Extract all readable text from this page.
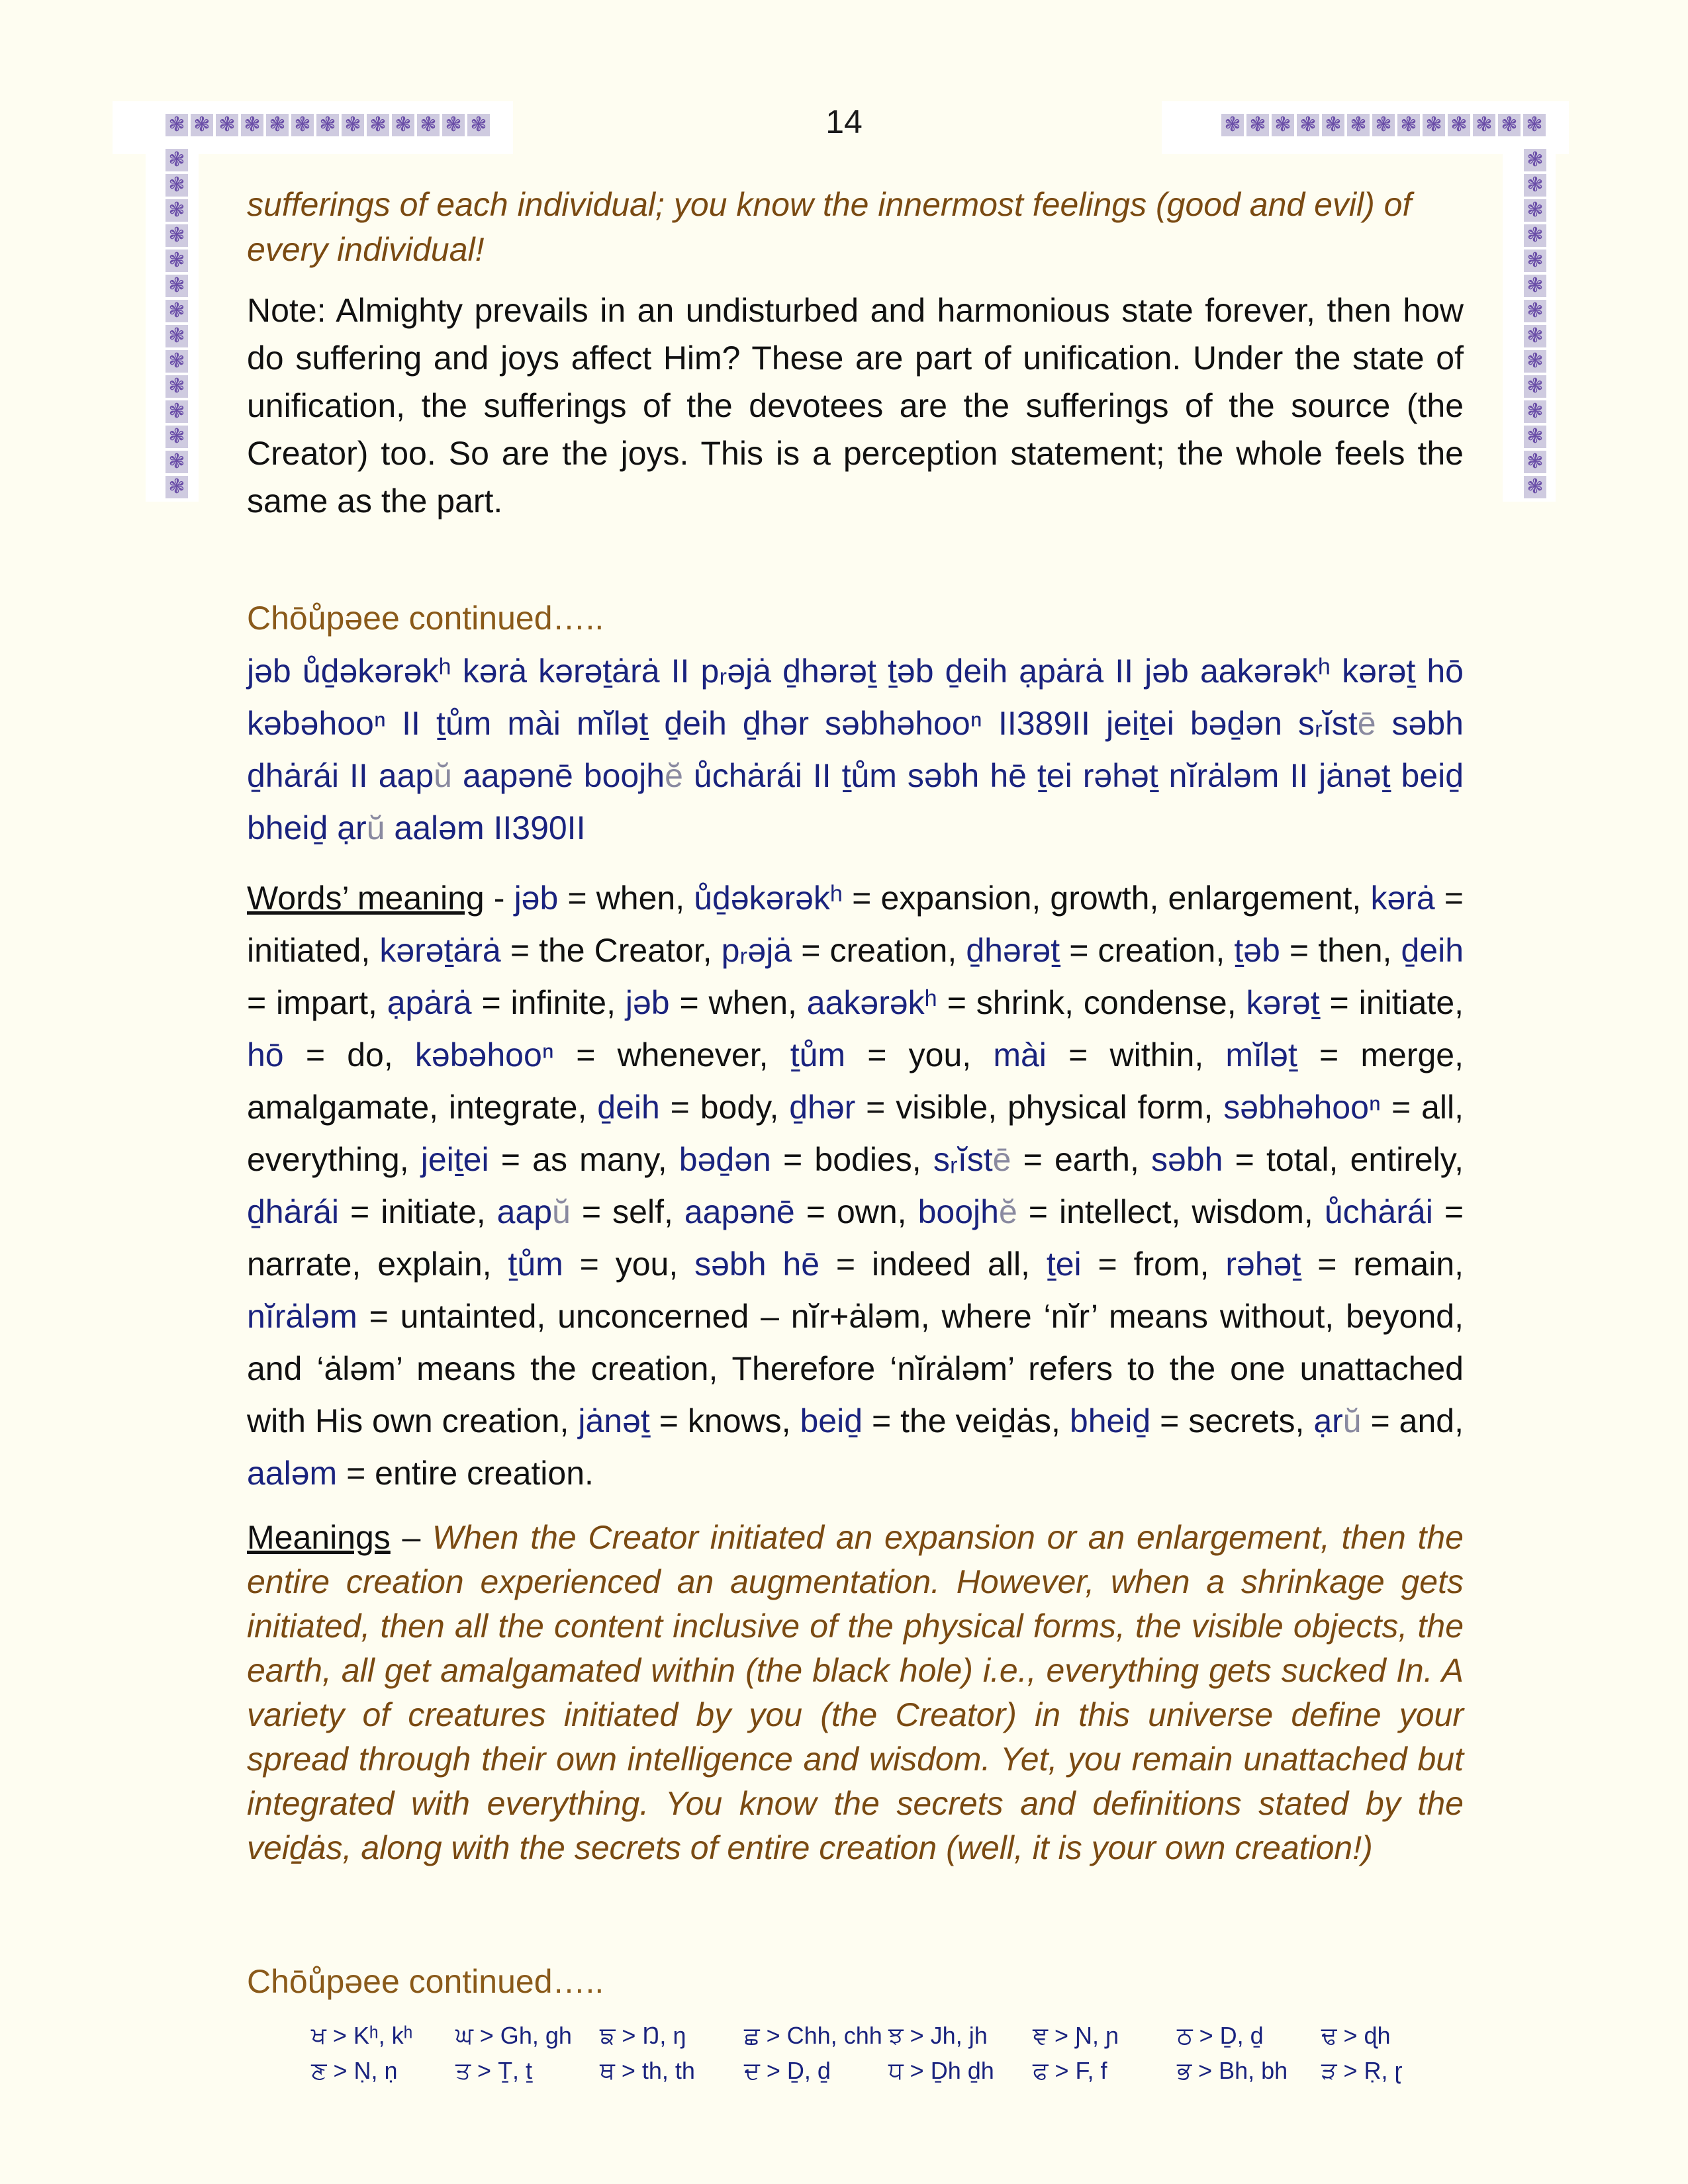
❃ ❃ ❃ ❃ ❃ ❃ ❃ ❃ ❃ ❃ ❃ ❃ ❃
❃
❃
❃
❃
❃
❃
❃
❃
❃
❃
❃
❃
❃
❃
❃ ❃ ❃ ❃ ❃ ❃ ❃ ❃ ❃ ❃ ❃ ❃ ❃
❃
❃
❃
❃
❃
❃
❃
❃
❃
❃
❃
❃
❃
❃
14
sufferings of each individual; you know the innermost feelings (good and evil) of every individual!
Note: Almighty prevails in an undisturbed and harmonious state forever, then how do suffering and joys affect Him? These are part of unification. Under the state of unification, the sufferings of the devotees are the sufferings of the source (the Creator) too. So are the joys. This is a perception statement; the whole feels the same as the part.
Chōůpəee continued…..
jəb ůḏəkərəkʰ kərȧ kərəṯȧrȧ II pᵣəjȧ ḏhərəṯ ṯəb ḏeih ạpȧrȧ II jəb aakərəkʰ kərəṯ hō kəbəhooⁿ II ṯům mài mĭləṯ ḏeih ḏhər səbhəhooⁿ II389II jeiṯei bəḏən sᵣĭstē səbh ḏhȧrái II aapŭ aapənē boojhĕ ůchȧrái II ṯům səbh hē ṯei rəhəṯ nĭrȧləm II jȧnəṯ beiḏ bheiḏ ạrŭ aaləm II390II
Words’ meaning - jəb = when, ůḏəkərəkʰ = expansion, growth, enlargement, kərȧ = initiated, kərəṯȧrȧ = the Creator, pᵣəjȧ = creation, ḏhərəṯ = creation, ṯəb = then, ḏeih = impart, ạpȧrȧ = infinite, jəb = when, aakərəkʰ = shrink, condense, kərəṯ = initiate, hō = do, kəbəhooⁿ = whenever, ṯům = you, mài = within, mĭləṯ = merge, amalgamate, integrate, ḏeih = body, ḏhər = visible, physical form, səbhəhooⁿ = all, everything, jeiṯei = as many, bəḏən = bodies, sᵣĭstē = earth, səbh = total, entirely, ḏhȧrái = initiate, aapŭ = self, aapənē = own, boojhĕ = intellect, wisdom, ůchȧrái = narrate, explain, ṯům = you, səbh hē = indeed all, ṯei = from, rəhəṯ = remain, nĭrȧləm = untainted, unconcerned – nĭr+ȧləm, where ‘nĭr’ means without, beyond, and ‘ȧləm’ means the creation, Therefore ‘nĭrȧləm’ refers to the one unattached with His own creation, jȧnəṯ = knows, beiḏ = the veiḏȧs, bheiḏ = secrets, ạrŭ = and, aaləm = entire creation.
Meanings – When the Creator initiated an expansion or an enlargement, then the entire creation experienced an augmentation. However, when a shrinkage gets initiated, then all the content inclusive of the physical forms, the visible objects, the earth, all get amalgamated within (the black hole) i.e., everything gets sucked In. A variety of creatures initiated by you (the Creator) in this universe define your spread through their own intelligence and wisdom. Yet, you remain unattached but integrated with everything. You know the secrets and definitions stated by the veiḏȧs, along with the secrets of entire creation (well, it is your own creation!)
Chōůpəee continued…..
ਖ > Kʰ, kʰ	ਘ > Gh, gh	ਙ > Ŋ, ŋ	ਛ > Chh, chh ਝ > Jh, jh	ਞ > Ɲ, ɲ	ਠ > Ḏ, ḏ	ਢ > ɖh
ਣ > Ṇ, ṇ	ਤ > Ṯ, ṯ	ਥ > th, th	ਦ > Ḏ, ḏ	ਧ > Ḏh ḏh	ਫ > F, f	ਭ > Bh, bh	ੜ > Ṛ, ɽ
